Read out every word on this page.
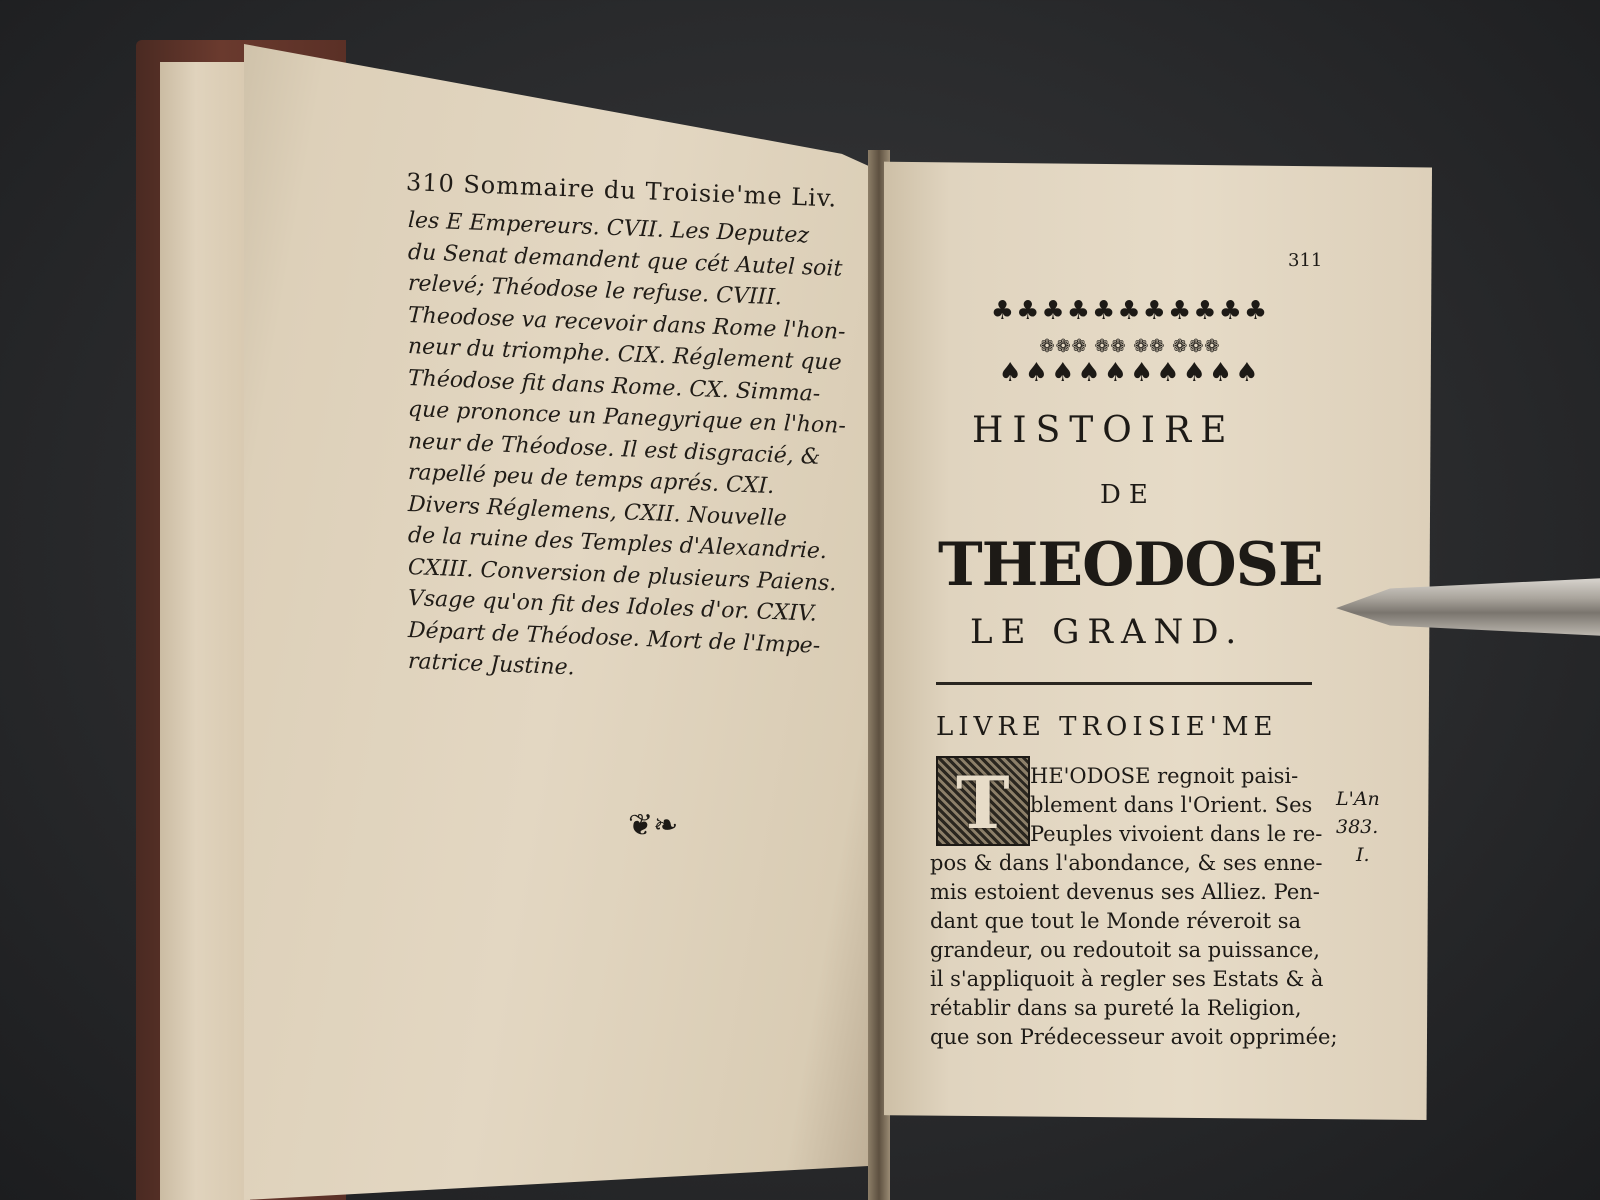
310 Sommaire du Troisie'me Liv.
les E Empereurs. CVII. Les Deputez
du Senat demandent que cét Autel soit
relevé; Théodose le refuse. CVIII.
Theodose va recevoir dans Rome l'hon-
neur du triomphe. CIX. Réglement que
Théodose fit dans Rome. CX. Simma-
que prononce un Panegyrique en l'hon-
neur de Théodose. Il est disgracié, &
rapellé peu de temps aprés. CXI.
Divers Réglemens, CXII. Nouvelle
de la ruine des Temples d'Alexandrie.
CXIII. Conversion de plusieurs Paiens.
Vsage qu'on fit des Idoles d'or. CXIV.
Départ de Théodose. Mort de l'Impe-
ratrice Justine.
❦❧
311
♣♣♣♣♣♣♣♣♣♣♣
❁❁❁ ❁❁ ❁❁ ❁❁❁
♠♠♠♠♠♠♠♠♠♠
HISTOIRE
DE
THEODOSE
LE GRAND.
LIVRE TROISIE'ME
T HE'ODOSE regnoit paisi-
blement dans l'Orient. Ses
Peuples vivoient dans le re-
pos & dans l'abondance, & ses enne-
mis estoient devenus ses Alliez. Pen-
dant que tout le Monde réveroit sa
grandeur, ou redoutoit sa puissance,
il s'appliquoit à regler ses Estats & à
rétablir dans sa pureté la Religion,
que son Prédecesseur avoit opprimée;
L'An
383.
I.
